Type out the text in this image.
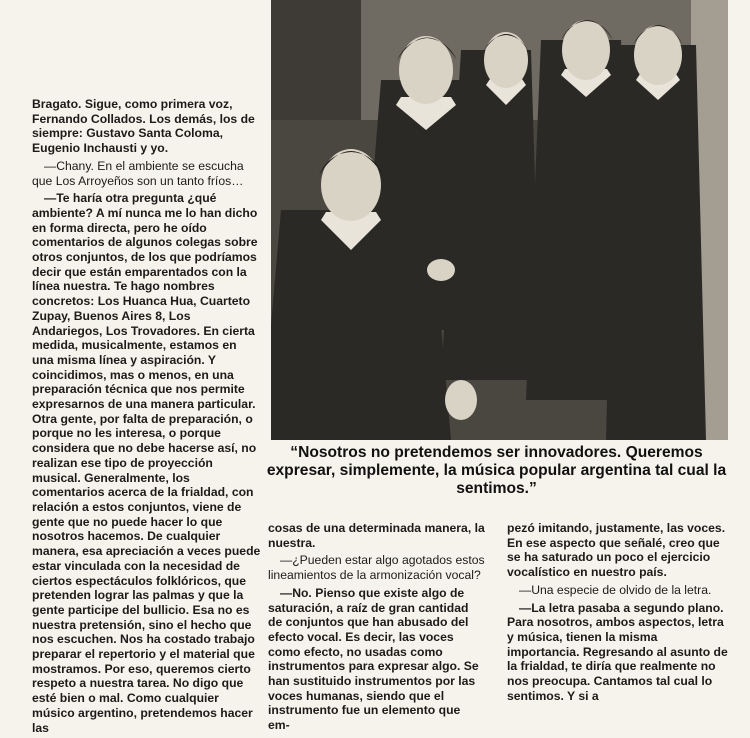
Bragato. Sigue, como primera voz, Fernando Collados. Los demás, los de siempre: Gustavo Santa Coloma, Eugenio Inchausti y yo.

—Chany. En el ambiente se escucha que Los Arroyeños son un tanto fríos…

—Te haría otra pregunta ¿qué ambiente? A mí nunca me lo han dicho en forma directa, pero he oído comentarios de algunos colegas sobre otros conjuntos, de los que podríamos decir que están emparentados con la línea nuestra. Te hago nombres concretos: Los Huanca Hua, Cuarteto Zupay, Buenos Aires 8, Los Andariegos, Los Trovadores. En cierta medida, musicalmente, estamos en una misma línea y aspiración. Y coincidimos, mas o menos, en una preparación técnica que nos permite expresarnos de una manera particular. Otra gente, por falta de preparación, o porque no les interesa, o porque considera que no debe hacerse así, no realizan ese tipo de proyección musical. Generalmente, los comentarios acerca de la frialdad, con relación a estos conjuntos, viene de gente que no puede hacer lo que nosotros hacemos. De cualquier manera, esa apreciación a veces puede estar vinculada con la necesidad de ciertos espectáculos folklóricos, que pretenden lograr las palmas y que la gente participe del bullicio. Esa no es nuestra pretensión, sino el hecho que nos escuchen. Nos ha costado trabajo preparar el repertorio y el material que mostramos. Por eso, queremos cierto respeto a nuestra tarea. No digo que esté bien o mal. Como cualquier músico argentino, pretendemos hacer las

“Nosotros no pretendemos ser innovadores. Queremos expresar, simplemente, la música popular argentina tal cual la sentimos.”

cosas de una determinada manera, la nuestra.

—¿Pueden estar algo agotados estos lineamientos de la armonización vocal?

—No. Pienso que existe algo de saturación, a raíz de gran cantidad de conjuntos que han abusado del efecto vocal. Es decir, las voces como efecto, no usadas como instrumentos para expresar algo. Se han sustituido instrumentos por las voces humanas, siendo que el instrumento fue un elemento que em-

pezó imitando, justamente, las voces. En ese aspecto que señalé, creo que se ha saturado un poco el ejercicio vocalístico en nuestro país.

—Una especie de olvido de la letra.

—La letra pasaba a segundo plano. Para nosotros, ambos aspectos, letra y música, tienen la misma importancia. Regresando al asunto de la frialdad, te diría que realmente no nos preocupa. Cantamos tal cual lo sentimos. Y si a
